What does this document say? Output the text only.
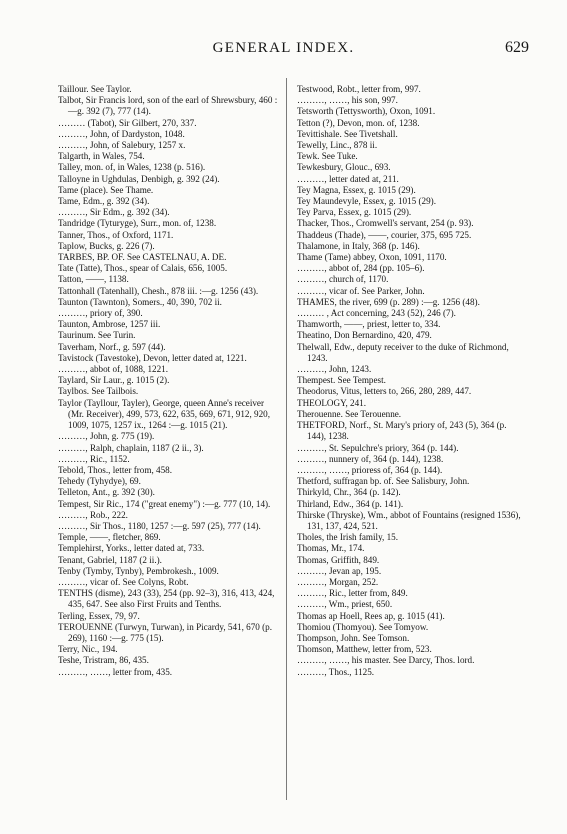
GENERAL INDEX.	629

Taillour. See Taylor.

Talbot, Sir Francis lord, son of the earl of Shrewsbury, 460 :—g. 392 (7), 777 (14).

……… (Tabot), Sir Gilbert, 270, 337.

………, John, of Dardyston, 1048.

………, John, of Salebury, 1257 x.

Talgarth, in Wales, 754.

Talley, mon. of, in Wales, 1238 (p. 516).

Talloyne in Ughdulas, Denbigh, g. 392 (24).

Tame (place). See Thame.

Tame, Edm., g. 392 (34).

………, Sir Edm., g. 392 (34).

Tandridge (Tyturyge), Surr., mon. of, 1238.

Tanner, Thos., of Oxford, 1171.

Taplow, Bucks, g. 226 (7).

TARBES, BP. OF. See CASTELNAU, A. DE.

Tate (Tatte), Thos., spear of Calais, 656, 1005.

Tatton, ——, 1138.

Tattonhall (Tatenhall), Chesh., 878 iii. :—g. 1256 (43).

Taunton (Tawnton), Somers., 40, 390, 702 ii.

………, priory of, 390.

Taunton, Ambrose, 1257 iii.

Taurinum. See Turin.

Taverham, Norf., g. 597 (44).

Tavistock (Tavestoke), Devon, letter dated at, 1221.

………, abbot of, 1088, 1221.

Taylard, Sir Laur., g. 1015 (2).

Taylbos. See Tailbois.

Taylor (Tayllour, Tayler), George, queen Anne's receiver (Mr. Receiver), 499, 573, 622, 635, 669, 671, 912, 920, 1009, 1075, 1257 ix., 1264 :—g. 1015 (21).

………, John, g. 775 (19).

………, Ralph, chaplain, 1187 (2 ii., 3).

………, Ric., 1152.

Tebold, Thos., letter from, 458.

Tehedy (Tyhydye), 69.

Telleton, Ant., g. 392 (30).

Tempest, Sir Ric., 174 ("great enemy") :—g. 777 (10, 14).

………, Rob., 222.

………, Sir Thos., 1180, 1257 :—g. 597 (25), 777 (14).

Temple, ——, fletcher, 869.

Templehirst, Yorks., letter dated at, 733.

Tenant, Gabriel, 1187 (2 ii.).

Tenby (Tymby, Tynby), Pembrokesh., 1009.

………, vicar of. See Colyns, Robt.

TENTHS (disme), 243 (33), 254 (pp. 92–3), 316, 413, 424, 435, 647. See also First Fruits and Tenths.

Terling, Essex, 79, 97.

TEROUENNE (Turwyn, Turwan), in Picardy, 541, 670 (p. 269), 1160 :—g. 775 (15).

Terry, Nic., 194.

Teshe, Tristram, 86, 435.

………, ……, letter from, 435.

Testwood, Robt., letter from, 997.

………, ……, his son, 997.

Tetsworth (Tettysworth), Oxon, 1091.

Tetton (?), Devon, mon. of, 1238.

Tevittishale. See Tivetshall.

Tewelly, Linc., 878 ii.

Tewk. See Tuke.

Tewkesbury, Glouc., 693.

………, letter dated at, 211.

Tey Magna, Essex, g. 1015 (29).

Tey Maundevyle, Essex, g. 1015 (29).

Tey Parva, Essex, g. 1015 (29).

Thacker, Thos., Cromwell's servant, 254 (p. 93).

Thaddeus (Thade), ——, courier, 375, 695 725.

Thalamone, in Italy, 368 (p. 146).

Thame (Tame) abbey, Oxon, 1091, 1170.

………, abbot of, 284 (pp. 105–6).

………, church of, 1170.

………, vicar of. See Parker, John.

THAMES, the river, 699 (p. 289) :—g. 1256 (48).

……… , Act concerning, 243 (52), 246 (7).

Thamworth, ——, priest, letter to, 334.

Theatino, Don Bernardino, 420, 479.

Thelwall, Edw., deputy receiver to the duke of Richmond, 1243.

………, John, 1243.

Thempest. See Tempest.

Theodorus, Vitus, letters to, 266, 280, 289, 447.

THEOLOGY, 241.

Therouenne. See Terouenne.

THETFORD, Norf., St. Mary's priory of, 243 (5), 364 (p. 144), 1238.

………, St. Sepulchre's priory, 364 (p. 144).

………, nunnery of, 364 (p. 144), 1238.

………, ……, prioress of, 364 (p. 144).

Thetford, suffragan bp. of. See Salisbury, John.

Thirkyld, Chr., 364 (p. 142).

Thirland, Edw., 364 (p. 141).

Thirske (Thryske), Wm., abbot of Fountains (resigned 1536), 131, 137, 424, 521.

Tholes, the Irish family, 15.

Thomas, Mr., 174.

Thomas, Griffith, 849.

………, Jevan ap, 195.

………, Morgan, 252.

………, Ric., letter from, 849.

………, Wm., priest, 650.

Thomas ap Hoell, Rees ap, g. 1015 (41).

Thomiou (Thomyou). See Tomyow.

Thompson, John. See Tomson.

Thomson, Matthew, letter from, 523.

………, ……, his master. See Darcy, Thos. lord.

………, Thos., 1125.
